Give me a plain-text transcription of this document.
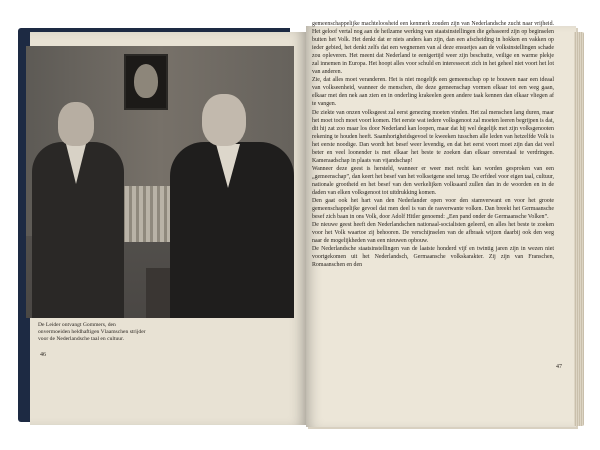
De Leider ontvangt Gommers, den onvermoeiden heldhaftigen Vlaamschen strijder voor de Nederlandsche taal en cultuur.

46

gemeenschappelijke machteloosheid een kenmerk zouden zijn van Nederlandsche zucht naar vrijheid. Het geloof vertal nog aan de heilzame werking van staatsinstellingen die gebaseerd zijn op beginselen buiten het Volk. Het denkt dat er niets anders kan zijn, dan een afscheiding in hokken en vakken op ieder gebied, het denkt zelfs dat een wegnemen van al deze ensuetjes aan de volksinstellingen schade zou opleveren. Het meent dat Nederland te eenigertijd weer zijn beschutte, veilige en warme plekje zal innemen in Europa. Het hoopt alles voor schuld en interessecet zich in het geheel niet voort het lot van anderen.

Zie, dat alles moet veranderen. Het is niet mogelijk een gemeenschap op te bouwen naar een ideaal van volkseenheid, wanneer de menschen, die deze gemeenschap vormen elkaar tot een weg gaan, elkaar met den nek aan zien en in onderling krakeelen geen andere taak kennen dan elkaar vliegen af te vangen.

De ziekte van onzen volksgeest zal eerst genezing moeten vinden. Het zal menschen lang duren, maar het moet toch moet voort komen. Het eerste wat iedere volksgenoot zal moeten leeren begrijpen is dat, dit hij zat zoo maar los door Nederland kan loopen, maar dat hij wel degelijk met zijn volksgenooten rekening te houden heeft. Saamhorigheidsgevoel te kweeken tusschen alle leden van hetzelfde Volk is het eerste noodige. Dan wordt het besef weer levendig, en dat het eerst voort moet zijn dan dat veel beter en veel loonender is met elkaar het beste te zoeken dan elkaar onverstaal te verdringen. Kameraadschap in plaats van vijandschap!

Wanneer deze geest is hersteld, wanneer er weer met recht kan worden gesproken van een „gemeenschap”, dan keert het besef van het volkseigene snel terug. De erfdeel voor eigen taal, cultuur, nationale grootheid en het besef van den werkelijken volksaard zullen dan in de woorden en in de daden van elken volksgenoot tot uitdrukking komen.

Den gaat ook het hart van den Nederlander open voor den stamverwant en voor het groote gemeenschappelijke gevoel dat men deel is van de rasverwante volken. Dan breekt het Germaansche besef zich baan in ons Volk, door Adolf Hitler genoemd: „Een pand onder de Germaansche Volken”.

De nieuwe geest heeft den Nederlandschen nationaal-socialisten geleerd, en alles het beste te zoeken voor het Volk waartoe zij behooren. De verschijnselen van de afbraak wijzen daarbij ook den weg naar de mogelijkheden van een nieuwen opbouw.

De Nederlandsche staatsinstellingen van de laatste honderd vijf en twintig jaren zijn in wezen niet voortgekomen uit het Nederlandsch, Germaansche volkskarakter. Zij zijn van Franschen, Romaanschen en den

47
